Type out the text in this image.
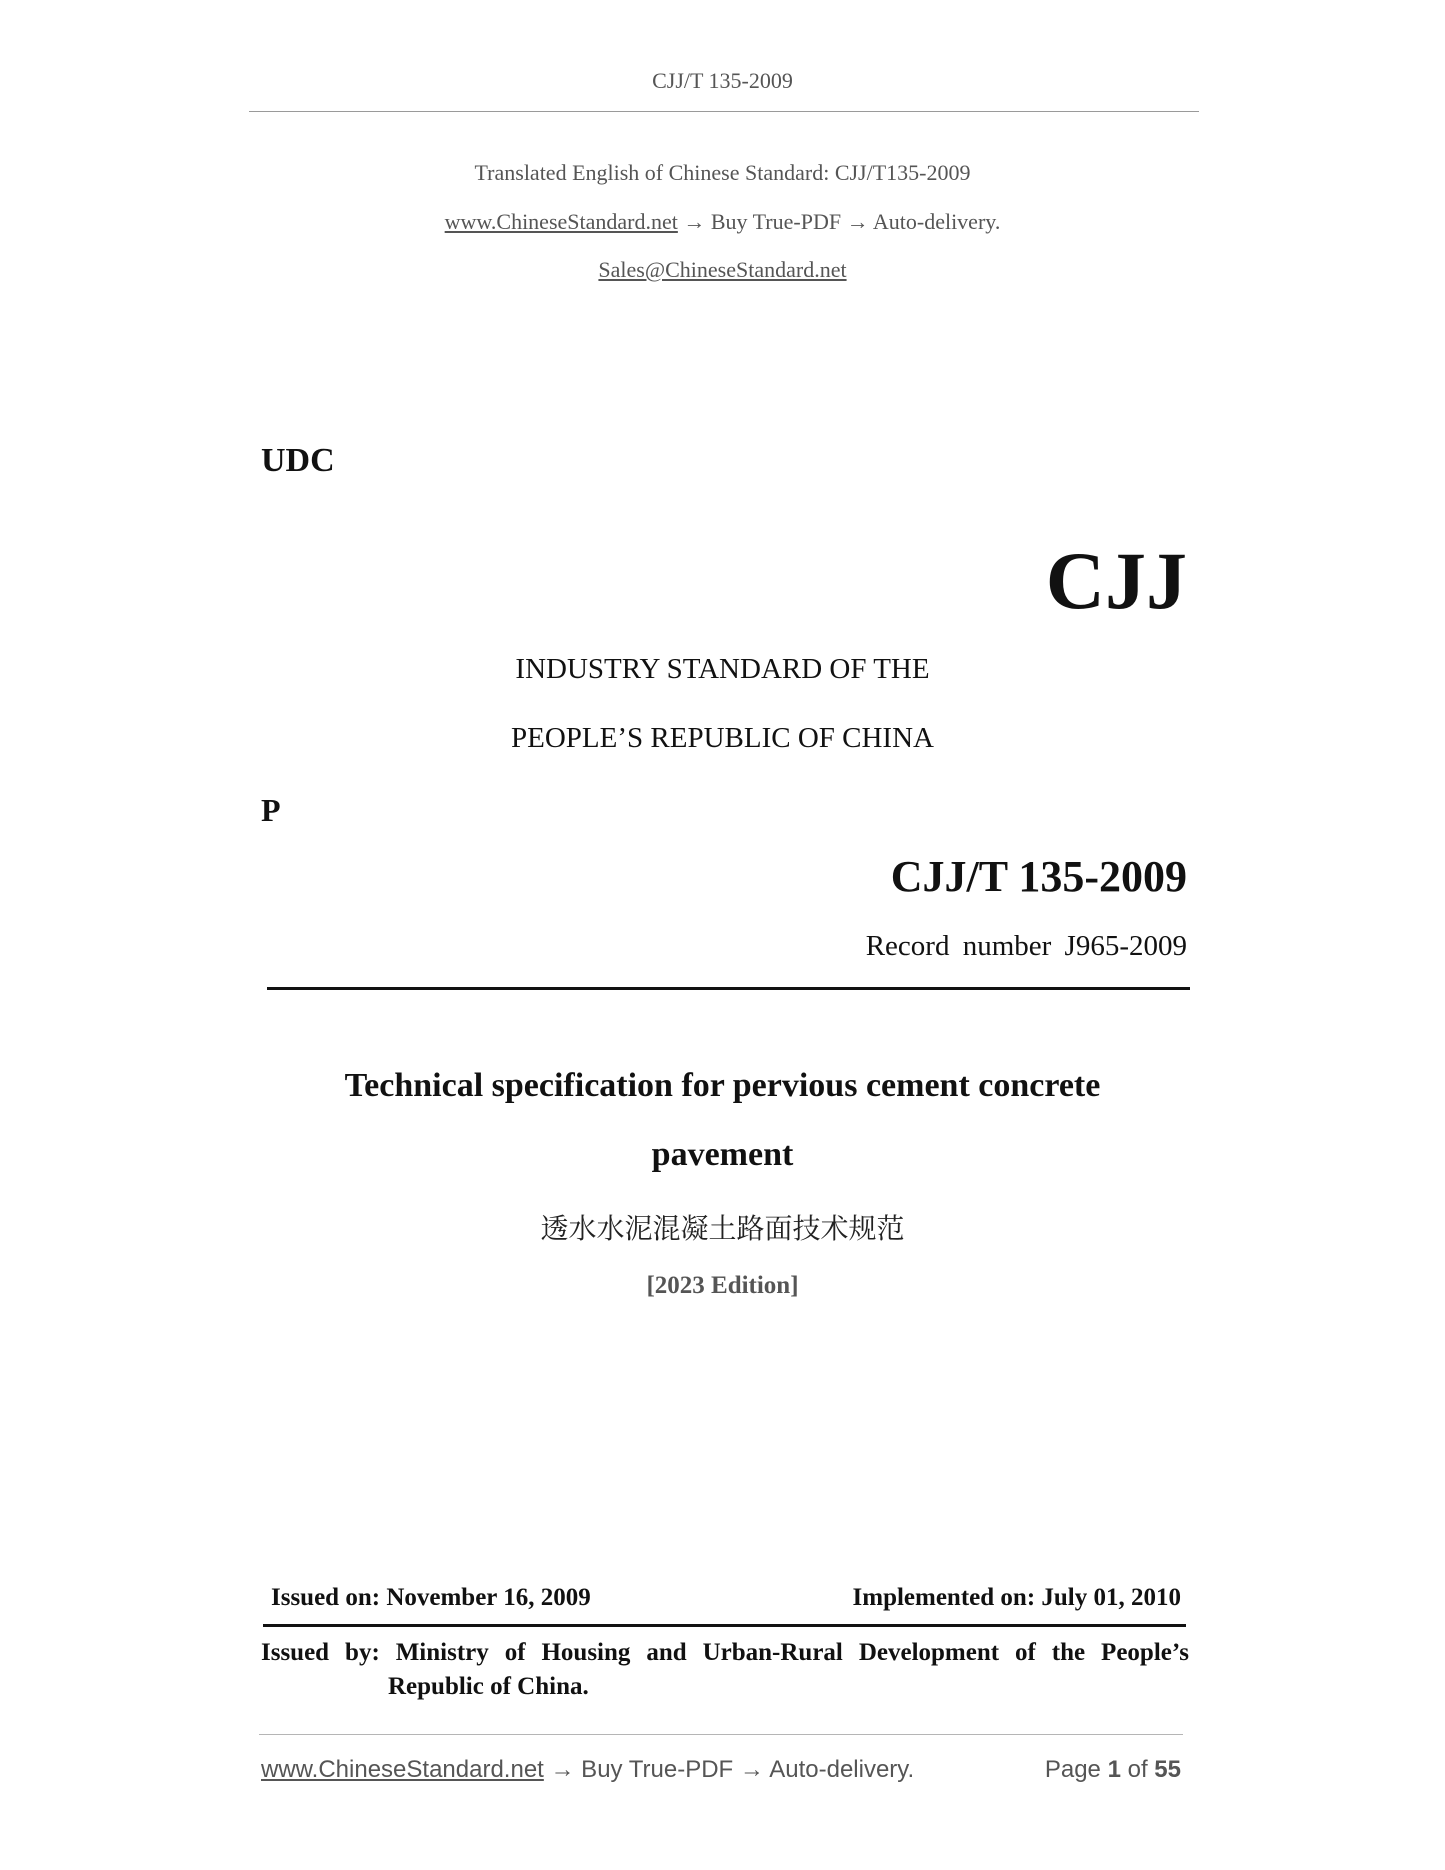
CJJ/T 135-2009
Translated English of Chinese Standard: CJJ/T135-2009
www.ChineseStandard.net → Buy True-PDF → Auto-delivery.
Sales@ChineseStandard.net
UDC
CJJ
INDUSTRY STANDARD OF THE
PEOPLE’S REPUBLIC OF CHINA
P
CJJ/T 135-2009
Record number J965-2009
Technical specification for pervious cement concrete
pavement
透水水泥混凝土路面技术规范
[2023 Edition]
Issued on: November 16, 2009	Implemented on: July 01, 2010
Issued by: Ministry of Housing and Urban-Rural Development of the People’s
Republic of China.
www.ChineseStandard.net → Buy True-PDF → Auto-delivery.	Page 1 of 55
